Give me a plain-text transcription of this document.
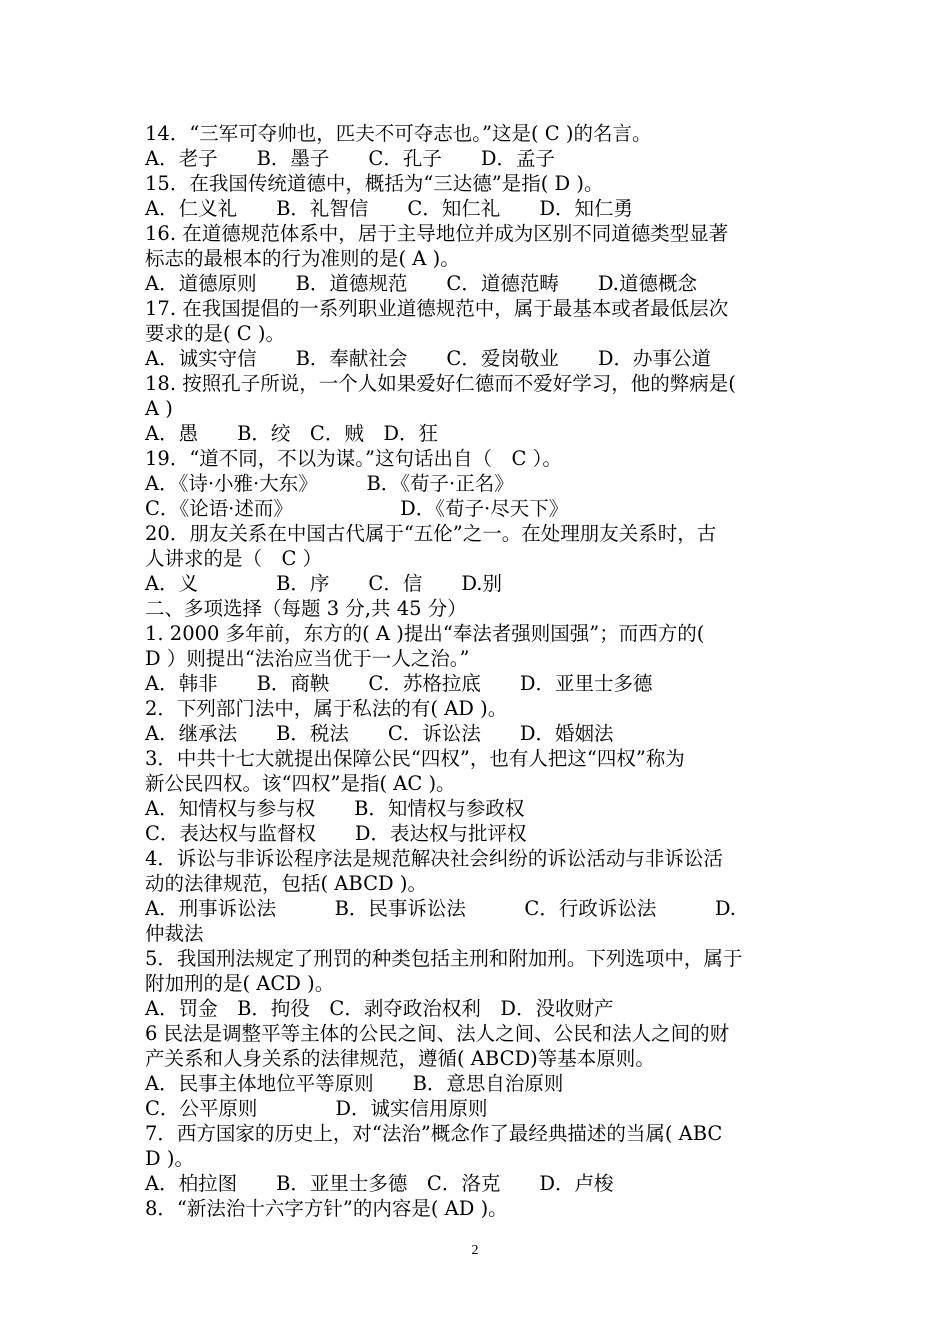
14．“三军可夺帅也，匹夫不可夺志也。”这是( C )的名言。
A．老子　　B．墨子　　C．孔子　　D．孟子
15．在我国传统道德中，概括为“三达德”是指( D )。
A．仁义礼　　B．礼智信　　C．知仁礼　　D．知仁勇
16. 在道德规范体系中，居于主导地位并成为区别不同道德类型显著
标志的最根本的行为准则的是( A )。
A．道德原则　　B．道德规范　　C．道德范畴　　D.道德概念
17. 在我国提倡的一系列职业道德规范中，属于最基本或者最低层次
要求的是( C )。
A．诚实守信　　B．奉献社会　　C．爱岗敬业　　D．办事公道
18. 按照孔子所说，一个人如果爱好仁德而不爱好学习，他的弊病是(
A )
A．愚　　B．绞　C．贼　D．狂
19．“道不同，不以为谋。”这句话出自（　C ）。
A．《诗·小雅·大东》　　　B．《荀子·正名》
C．《论语·述而》　　　　　　D．《荀子·尽天下》
20．朋友关系在中国古代属于“五伦”之一。在处理朋友关系时，古
人讲求的是（　C ）
A．义　　　　B．序　　C．信　　D.别
二、多项选择（每题 3 分,共 45 分）
1. 2000 多年前，东方的( A )提出“奉法者强则国强”；而西方的(
D ）则提出“法治应当优于一人之治。”
A．韩非　　B．商鞅　　C．苏格拉底　　D．亚里士多德
2．下列部门法中，属于私法的有( AD )。
A．继承法　　B．税法　　C．诉讼法　　D．婚姻法
3．中共十七大就提出保障公民“四权”，也有人把这“四权”称为
新公民四权。该“四权”是指( AC )。
A．知情权与参与权　　B．知情权与参政权
C．表达权与监督权　　D．表达权与批评权
4．诉讼与非诉讼程序法是规范解决社会纠纷的诉讼活动与非诉讼活
动的法律规范，包括( ABCD )。
A．刑事诉讼法　　　B．民事诉讼法　　　C．行政诉讼法　　　D.
仲裁法
5．我国刑法规定了刑罚的种类包括主刑和附加刑。下列选项中，属于
附加刑的是( ACD )。
A．罚金　B．拘役　C．剥夺政治权利　D．没收财产
6 民法是调整平等主体的公民之间、法人之间、公民和法人之间的财
产关系和人身关系的法律规范，遵循( ABCD)等基本原则。
A．民事主体地位平等原则　　B．意思自治原则
C．公平原则　　　　D．诚实信用原则
7．西方国家的历史上，对“法治”概念作了最经典描述的当属( ABC
D )。
A．柏拉图　　B．亚里士多德　C．洛克　　D．卢梭
8．“新法治十六字方针”的内容是( AD )。
2
